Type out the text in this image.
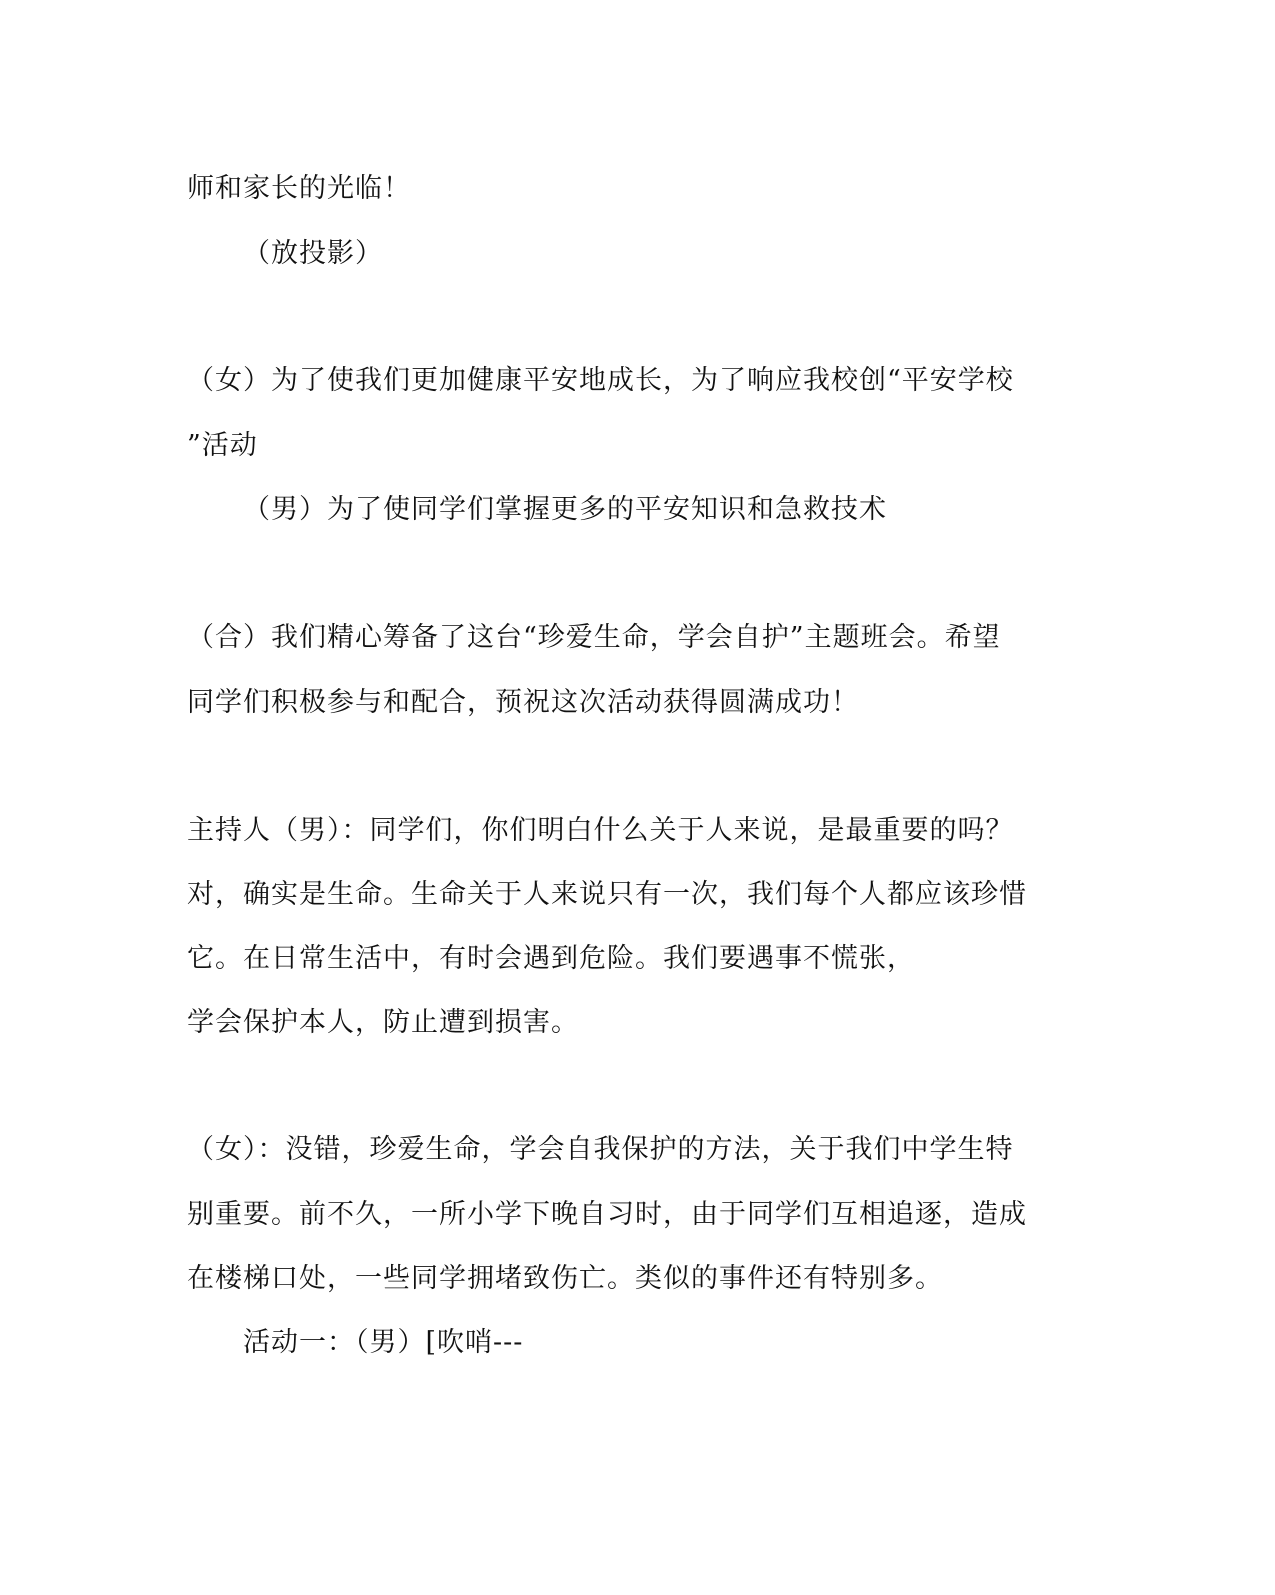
师和家长的光临！
（放投影）
（女）为了使我们更加健康平安地成长，为了响应我校创“平安学校
”活动
（男）为了使同学们掌握更多的平安知识和急救技术
（合）我们精心筹备了这台“珍爱生命，学会自护”主题班会。希望
同学们积极参与和配合，预祝这次活动获得圆满成功！
主持人（男）：同学们，你们明白什么关于人来说，是最重要的吗？
对，确实是生命。生命关于人来说只有一次，我们每个人都应该珍惜
它。在日常生活中，有时会遇到危险。我们要遇事不慌张，
学会保护本人，防止遭到损害。
（女）：没错，珍爱生命，学会自我保护的方法，关于我们中学生特
别重要。前不久，一所小学下晚自习时，由于同学们互相追逐，造成
在楼梯口处，一些同学拥堵致伤亡。类似的事件还有特别多。
活动一：（男）[吹哨---
